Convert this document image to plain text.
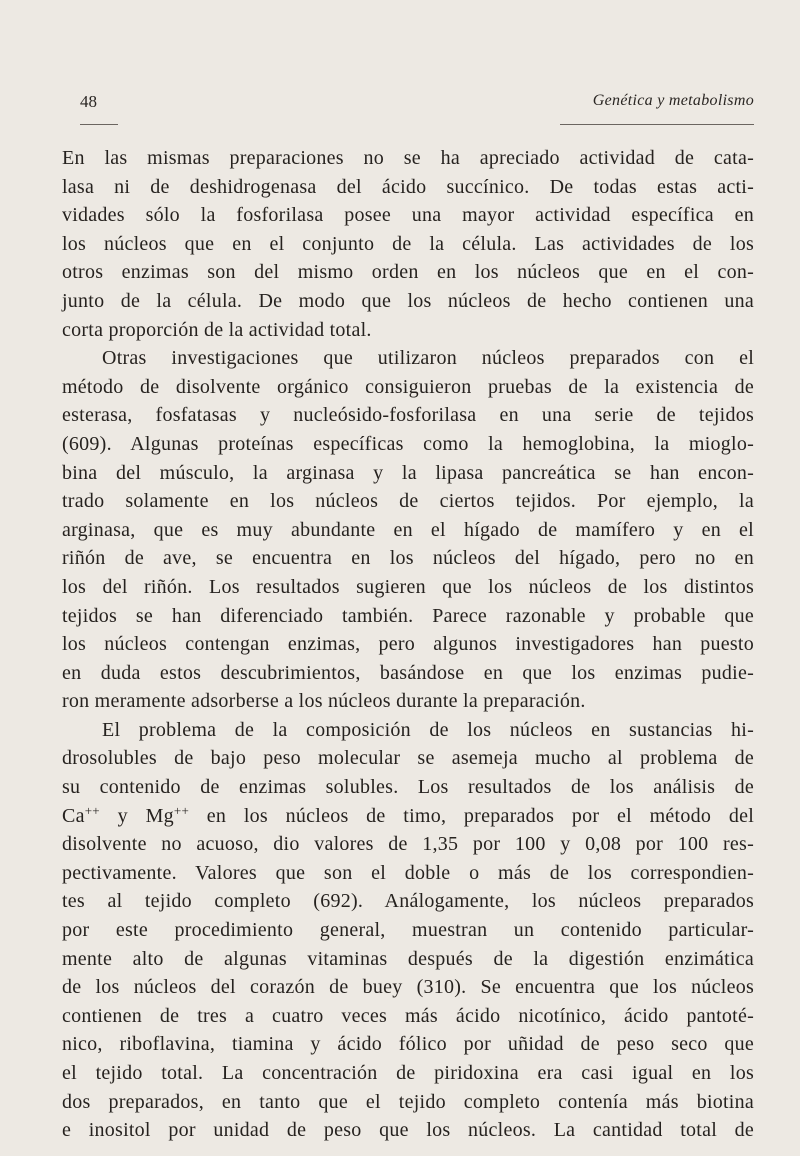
48	Genética y metabolismo
En las mismas preparaciones no se ha apreciado actividad de cata-
lasa ni de deshidrogenasa del ácido succínico. De todas estas acti-
vidades sólo la fosforilasa posee una mayor actividad específica en
los núcleos que en el conjunto de la célula. Las actividades de los
otros enzimas son del mismo orden en los núcleos que en el con-
junto de la célula. De modo que los núcleos de hecho contienen una
corta proporción de la actividad total.
Otras investigaciones que utilizaron núcleos preparados con el
método de disolvente orgánico consiguieron pruebas de la existencia de
esterasa, fosfatasas y nucleósido-fosforilasa en una serie de tejidos
(609). Algunas proteínas específicas como la hemoglobina, la mioglo-
bina del músculo, la arginasa y la lipasa pancreática se han encon-
trado solamente en los núcleos de ciertos tejidos. Por ejemplo, la
arginasa, que es muy abundante en el hígado de mamífero y en el
riñón de ave, se encuentra en los núcleos del hígado, pero no en
los del riñón. Los resultados sugieren que los núcleos de los distintos
tejidos se han diferenciado también. Parece razonable y probable que
los núcleos contengan enzimas, pero algunos investigadores han puesto
en duda estos descubrimientos, basándose en que los enzimas pudie-
ron meramente adsorberse a los núcleos durante la preparación.
El problema de la composición de los núcleos en sustancias hi-
drosolubles de bajo peso molecular se asemeja mucho al problema de
su contenido de enzimas solubles. Los resultados de los análisis de
Ca++ y Mg++ en los núcleos de timo, preparados por el método del
disolvente no acuoso, dio valores de 1,35 por 100 y 0,08 por 100 res-
pectivamente. Valores que son el doble o más de los correspondien-
tes al tejido completo (692). Análogamente, los núcleos preparados
por este procedimiento general, muestran un contenido particular-
mente alto de algunas vitaminas después de la digestión enzimática
de los núcleos del corazón de buey (310). Se encuentra que los núcleos
contienen de tres a cuatro veces más ácido nicotínico, ácido pantoté-
nico, riboflavina, tiamina y ácido fólico por uñidad de peso seco que
el tejido total. La concentración de piridoxina era casi igual en los
dos preparados, en tanto que el tejido completo contenía más biotina
e inositol por unidad de peso que los núcleos. La cantidad total de
